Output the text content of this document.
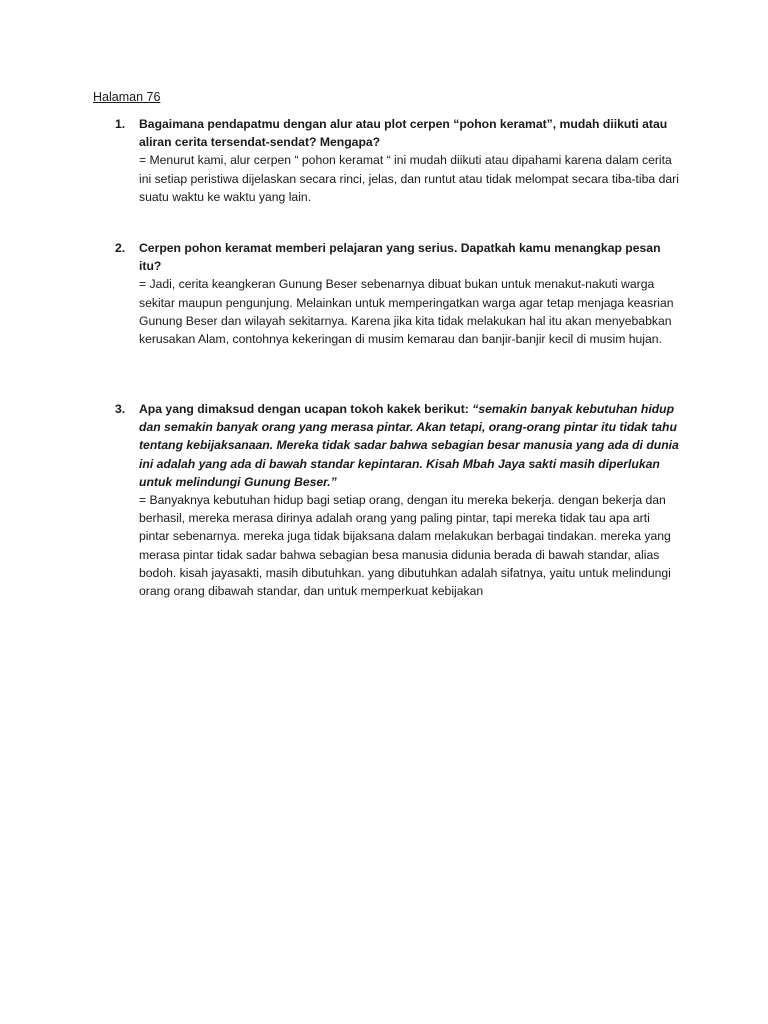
Halaman 76
1. Bagaimana pendapatmu dengan alur atau plot cerpen “pohon keramat”, mudah diikuti atau aliran cerita tersendat-sendat? Mengapa?

= Menurut kami, alur cerpen “ pohon keramat “ ini mudah diikuti atau dipahami karena dalam cerita ini setiap peristiwa dijelaskan secara rinci, jelas, dan runtut atau tidak melompat secara tiba-tiba dari suatu waktu ke waktu yang lain.

2. Cerpen pohon keramat memberi pelajaran yang serius. Dapatkah kamu menangkap pesan itu?

= Jadi, cerita keangkeran Gunung Beser sebenarnya dibuat bukan untuk menakut-nakuti warga sekitar maupun pengunjung. Melainkan untuk memperingatkan warga agar tetap menjaga keasrian Gunung Beser dan wilayah sekitarnya. Karena jika kita tidak melakukan hal itu akan menyebabkan kerusakan Alam, contohnya kekeringan di musim kemarau dan banjir-banjir kecil di musim hujan.

3. Apa yang dimaksud dengan ucapan tokoh kakek berikut: “semakin banyak kebutuhan hidup dan semakin banyak orang yang merasa pintar. Akan tetapi, orang-orang pintar itu tidak tahu tentang kebijaksanaan. Mereka tidak sadar bahwa sebagian besar manusia yang ada di dunia ini adalah yang ada di bawah standar kepintaran. Kisah Mbah Jaya sakti masih diperlukan untuk melindungi Gunung Beser.”

= Banyaknya kebutuhan hidup bagi setiap orang, dengan itu mereka bekerja. dengan bekerja dan berhasil, mereka merasa dirinya adalah orang yang paling pintar, tapi mereka tidak tau apa arti pintar sebenarnya. mereka juga tidak bijaksana dalam melakukan berbagai tindakan. mereka yang merasa pintar tidak sadar bahwa sebagian besa manusia didunia berada di bawah standar, alias bodoh. kisah jayasakti, masih dibutuhkan. yang dibutuhkan adalah sifatnya, yaitu untuk melindungi orang orang dibawah standar, dan untuk memperkuat kebijakan
